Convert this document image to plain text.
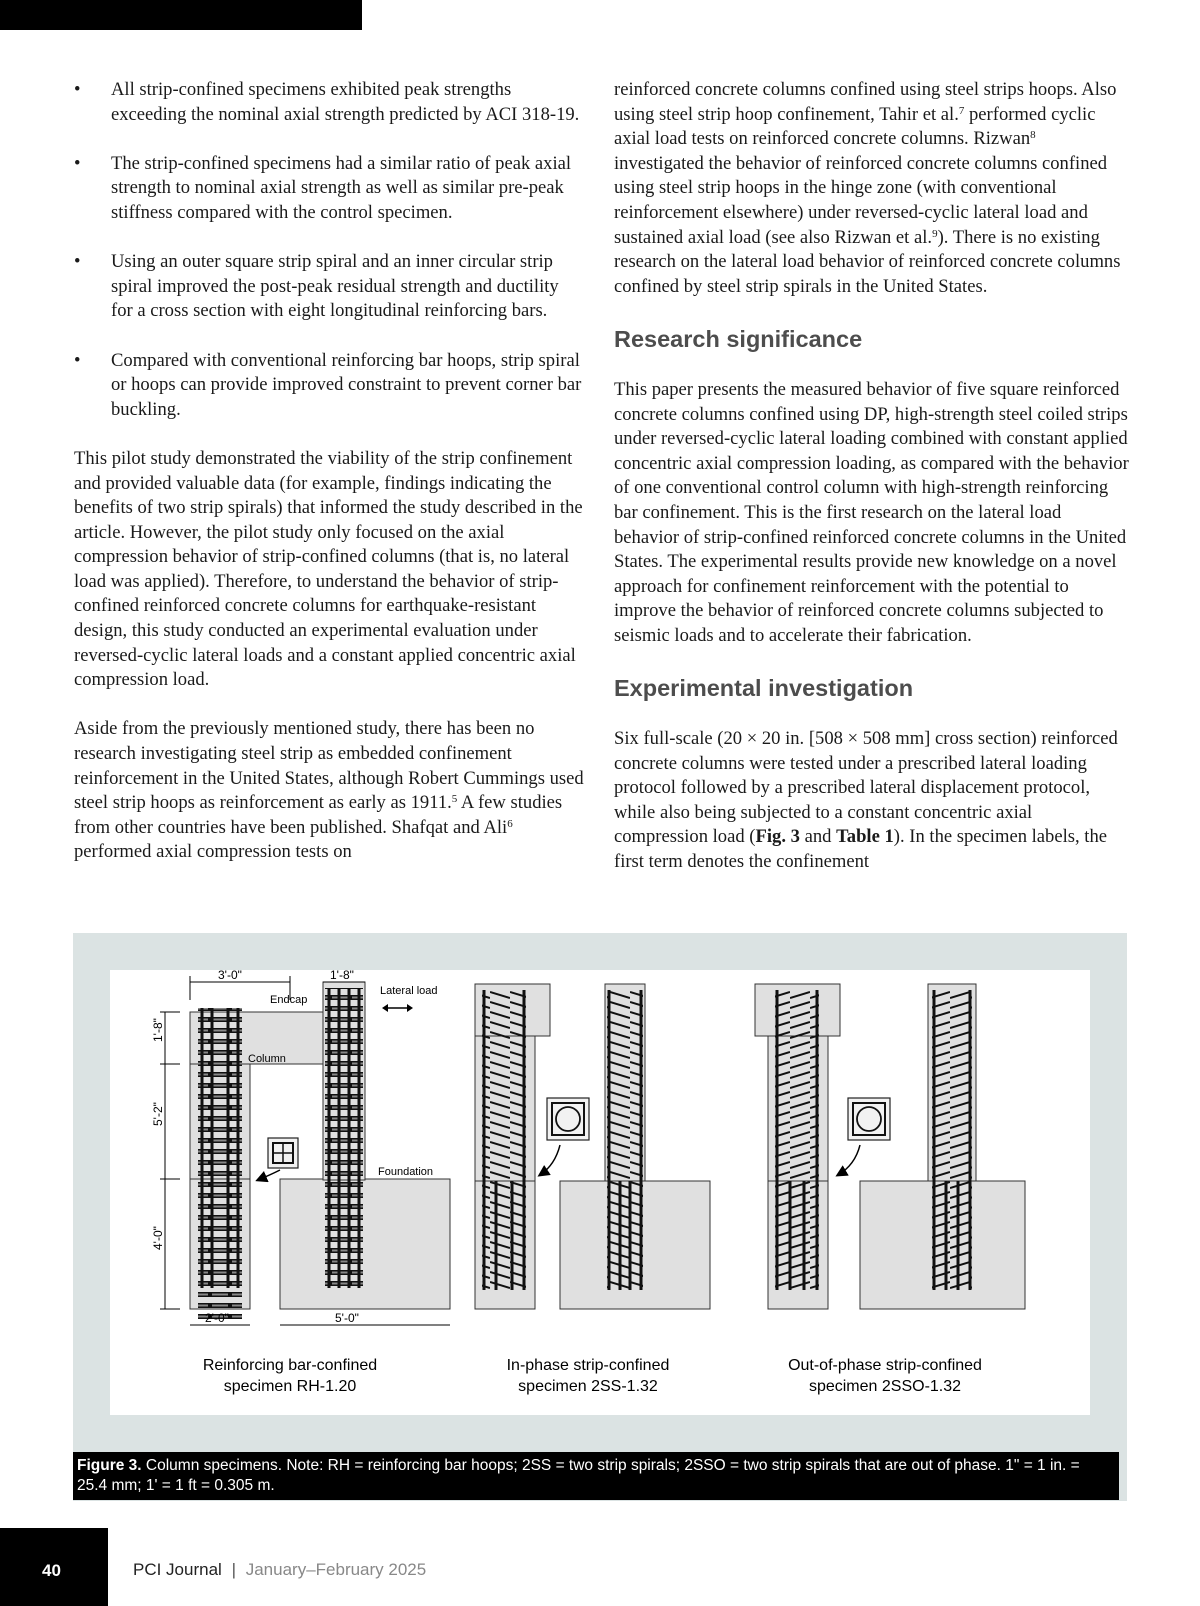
• All strip-confined specimens exhibited peak strengths exceeding the nominal axial strength predicted by ACI 318-19.
• The strip-confined specimens had a similar ratio of peak axial strength to nominal axial strength as well as similar pre-peak stiffness compared with the control specimen.
• Using an outer square strip spiral and an inner circular strip spiral improved the post-peak residual strength and ductility for a cross section with eight longitudinal reinforcing bars.
• Compared with conventional reinforcing bar hoops, strip spiral or hoops can provide improved constraint to prevent corner bar buckling.

This pilot study demonstrated the viability of the strip confinement and provided valuable data (for example, findings indicating the benefits of two strip spirals) that informed the study described in the article. However, the pilot study only focused on the axial compression behavior of strip-confined columns (that is, no lateral load was applied). Therefore, to understand the behavior of strip-confined reinforced concrete columns for earthquake-resistant design, this study conducted an experimental evaluation under reversed-cyclic lateral loads and a constant applied concentric axial compression load.

Aside from the previously mentioned study, there has been no research investigating steel strip as embedded confinement reinforcement in the United States, although Robert Cummings used steel strip hoops as reinforcement as early as 1911.$^5$ A few studies from other countries have been published. Shafqat and Ali$^6$ performed axial compression tests on

reinforced concrete columns confined using steel strips hoops. Also using steel strip hoop confinement, Tahir et al.$^7$ performed cyclic axial load tests on reinforced concrete columns. Rizwan$^8$ investigated the behavior of reinforced concrete columns confined using steel strip hoops in the hinge zone (with conventional reinforcement elsewhere) under reversed-cyclic lateral load and sustained axial load (see also Rizwan et al.$^9$). There is no existing research on the lateral load behavior of reinforced concrete columns confined by steel strip spirals in the United States.

Research significance

This paper presents the measured behavior of five square reinforced concrete columns confined using DP, high-strength steel coiled strips under reversed-cyclic lateral loading combined with constant applied concentric axial compression loading, as compared with the behavior of one conventional control column with high-strength reinforcing bar confinement. This is the first research on the lateral load behavior of strip-confined reinforced concrete columns in the United States. The experimental results provide new knowledge on a novel approach for confinement reinforcement with the potential to improve the behavior of reinforced concrete columns subjected to seismic loads and to accelerate their fabrication.

Experimental investigation

Six full-scale (20 × 20 in. [508 × 508 mm] cross section) reinforced concrete columns were tested under a prescribed lateral loading protocol followed by a prescribed lateral displacement protocol, while also being subjected to a constant concentric axial compression load (Fig. 3 and Table 1). In the specimen labels, the first term denotes the confinement

3'-0"	1'-8"
1'-8"
5'-2"
4'-0"
2'-0"	5'-0"
Endcap
Column
Lateral load
Foundation
Reinforcing bar-confined
specimen RH-1.20
In-phase strip-confined
specimen 2SS-1.32
Out-of-phase strip-confined
specimen 2SSO-1.32
Figure 3. Column specimens. Note: RH = reinforcing bar hoops; 2SS = two strip spirals; 2SSO = two strip spirals that are out of phase. 1" = 1 in. = 25.4 mm; 1' = 1 ft = 0.305 m.
40	PCI Journal | January–February 2025
